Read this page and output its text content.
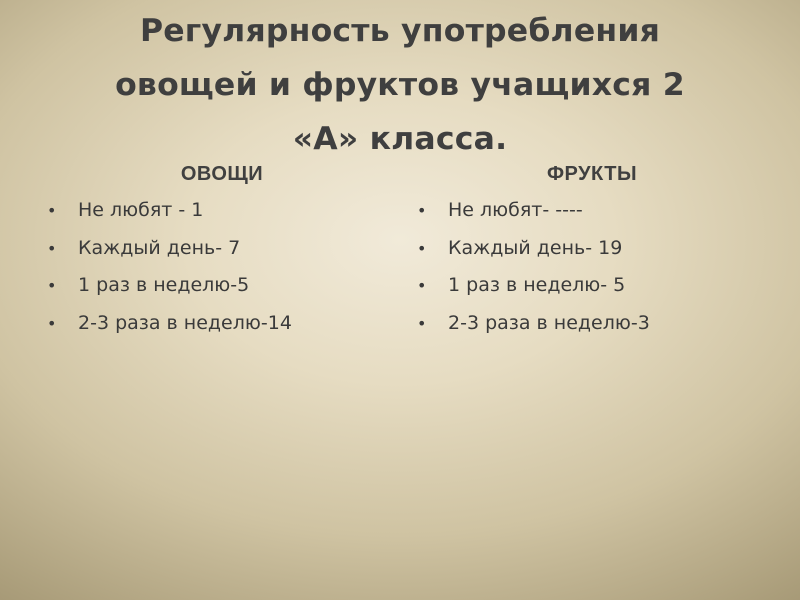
Регулярность употребления
овощей и фруктов учащихся 2
«А» класса.
ОВОЩИ
• Не любят - 1
• Каждый день- 7
• 1 раз в неделю-5
• 2-3 раза в неделю-14
ФРУКТЫ
• Не любят- ----
• Каждый день- 19
• 1 раз в неделю- 5
• 2-3 раза в неделю-3
